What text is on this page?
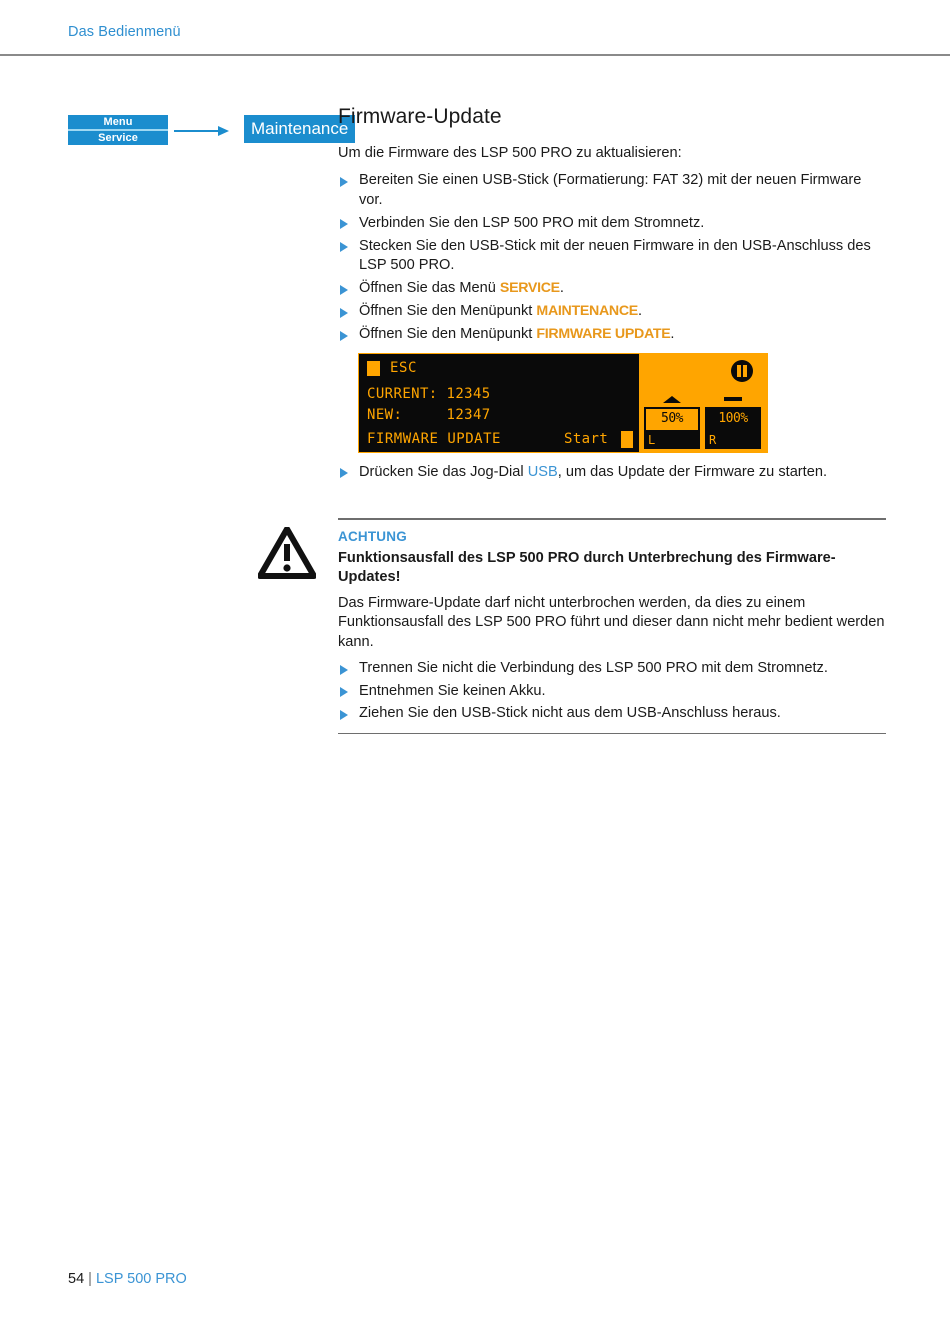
Das Bedienmenü
Menu
Service	Maintenance
Firmware-Update

Um die Firmware des LSP 500 PRO zu aktualisieren:

Bereiten Sie einen USB-Stick (Formatierung: FAT 32) mit der neuen Firmware vor.
Verbinden Sie den LSP 500 PRO mit dem Stromnetz.
Stecken Sie den USB-Stick mit der neuen Firmware in den USB-Anschluss des LSP 500 PRO.
Öffnen Sie das Menü SERVICE.
Öffnen Sie den Menüpunkt MAINTENANCE.
Öffnen Sie den Menüpunkt FIRMWARE UPDATE.
ESC
CURRENT: 12345
NEW:	12347
FIRMWARE UPDATE	Start
50%
L
100%
R
Drücken Sie das Jog-Dial USB, um das Update der Firmware zu starten.
ACHTUNG
Funktionsausfall des LSP 500 PRO durch Unterbrechung des Firmware-Updates!
Das Firmware-Update darf nicht unterbrochen werden, da dies zu einem Funktionsausfall des LSP 500 PRO führt und dieser dann nicht mehr bedient werden kann.
Trennen Sie nicht die Verbindung des LSP 500 PRO mit dem Stromnetz.
Entnehmen Sie keinen Akku.
Ziehen Sie den USB-Stick nicht aus dem USB-Anschluss heraus.
54 | LSP 500 PRO
